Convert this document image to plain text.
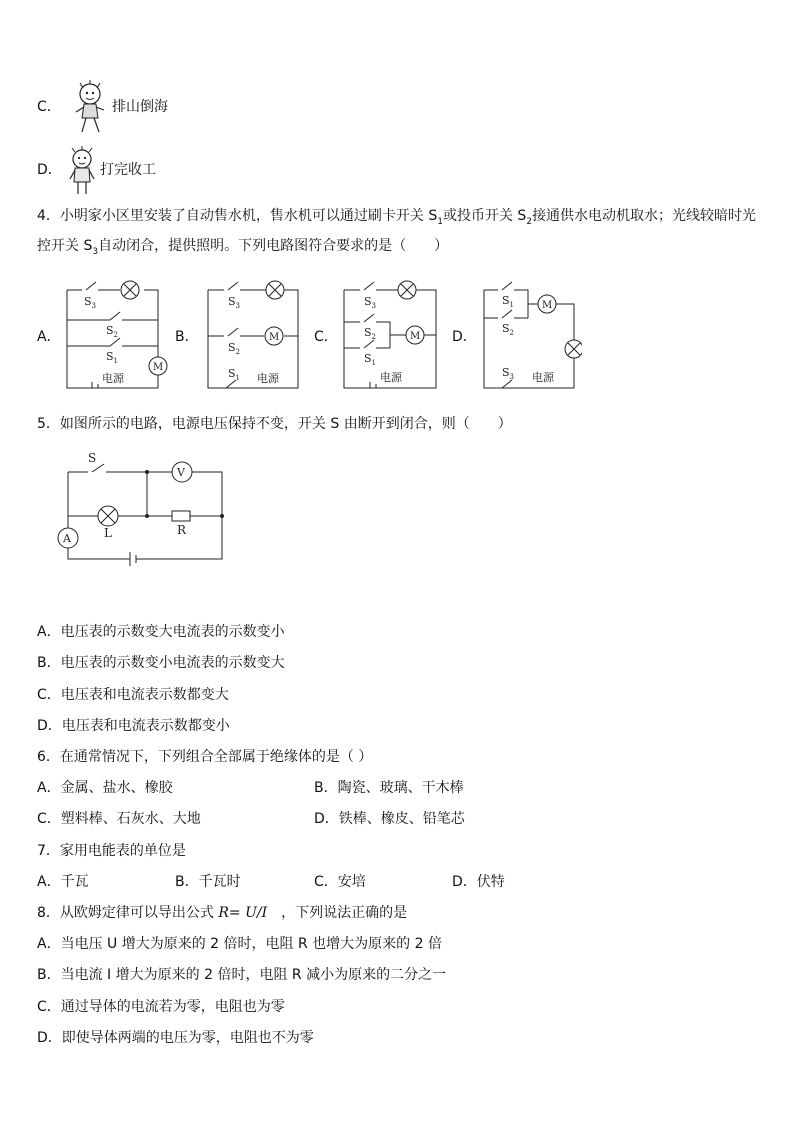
C．	排山倒海
D．	打完收工
4．小明家小区里安装了自动售水机，售水机可以通过刷卡开关 $S_1$或投币开关 $S_2$接通供水电动机取水；光线较暗时光
控开关 $S_3$自动闭合，提供照明。下列电路图符合要求的是（　　）
A．	B．	C．	D．
$S_3$
$S_2$
$S_1$
M
电源
$S_3$
$S_2$
M
$S_1$ 电源
$S_3$
$S_2$
$S_1$
M
电源
$S_1$
$S_2$
M
$S_3$ 电源
5．如图所示的电路，电源电压保持不变，开关 S 由断开到闭合，则（　　）
S
V
L	R
A
A．电压表的示数变大电流表的示数变小
B．电压表的示数变小电流表的示数变大
C．电压表和电流表示数都变大
D．电压表和电流表示数都变小
6．在通常情况下，下列组合全部属于绝缘体的是（ ）
A．金属、盐水、橡胶	B．陶瓷、玻璃、干木棒
C．塑料棒、石灰水、大地	D．铁棒、橡皮、铅笔芯
7．家用电能表的单位是
A．千瓦	B．千瓦时	C．安培	D．伏特
8．从欧姆定律可以导出公式 R= U/I ，下列说法正确的是
A．当电压 U 增大为原来的 2 倍时，电阻 R 也增大为原来的 2 倍
B．当电流 I 增大为原来的 2 倍时，电阻 R 减小为原来的二分之一
C．通过导体的电流若为零，电阻也为零
D．即使导体两端的电压为零，电阻也不为零
